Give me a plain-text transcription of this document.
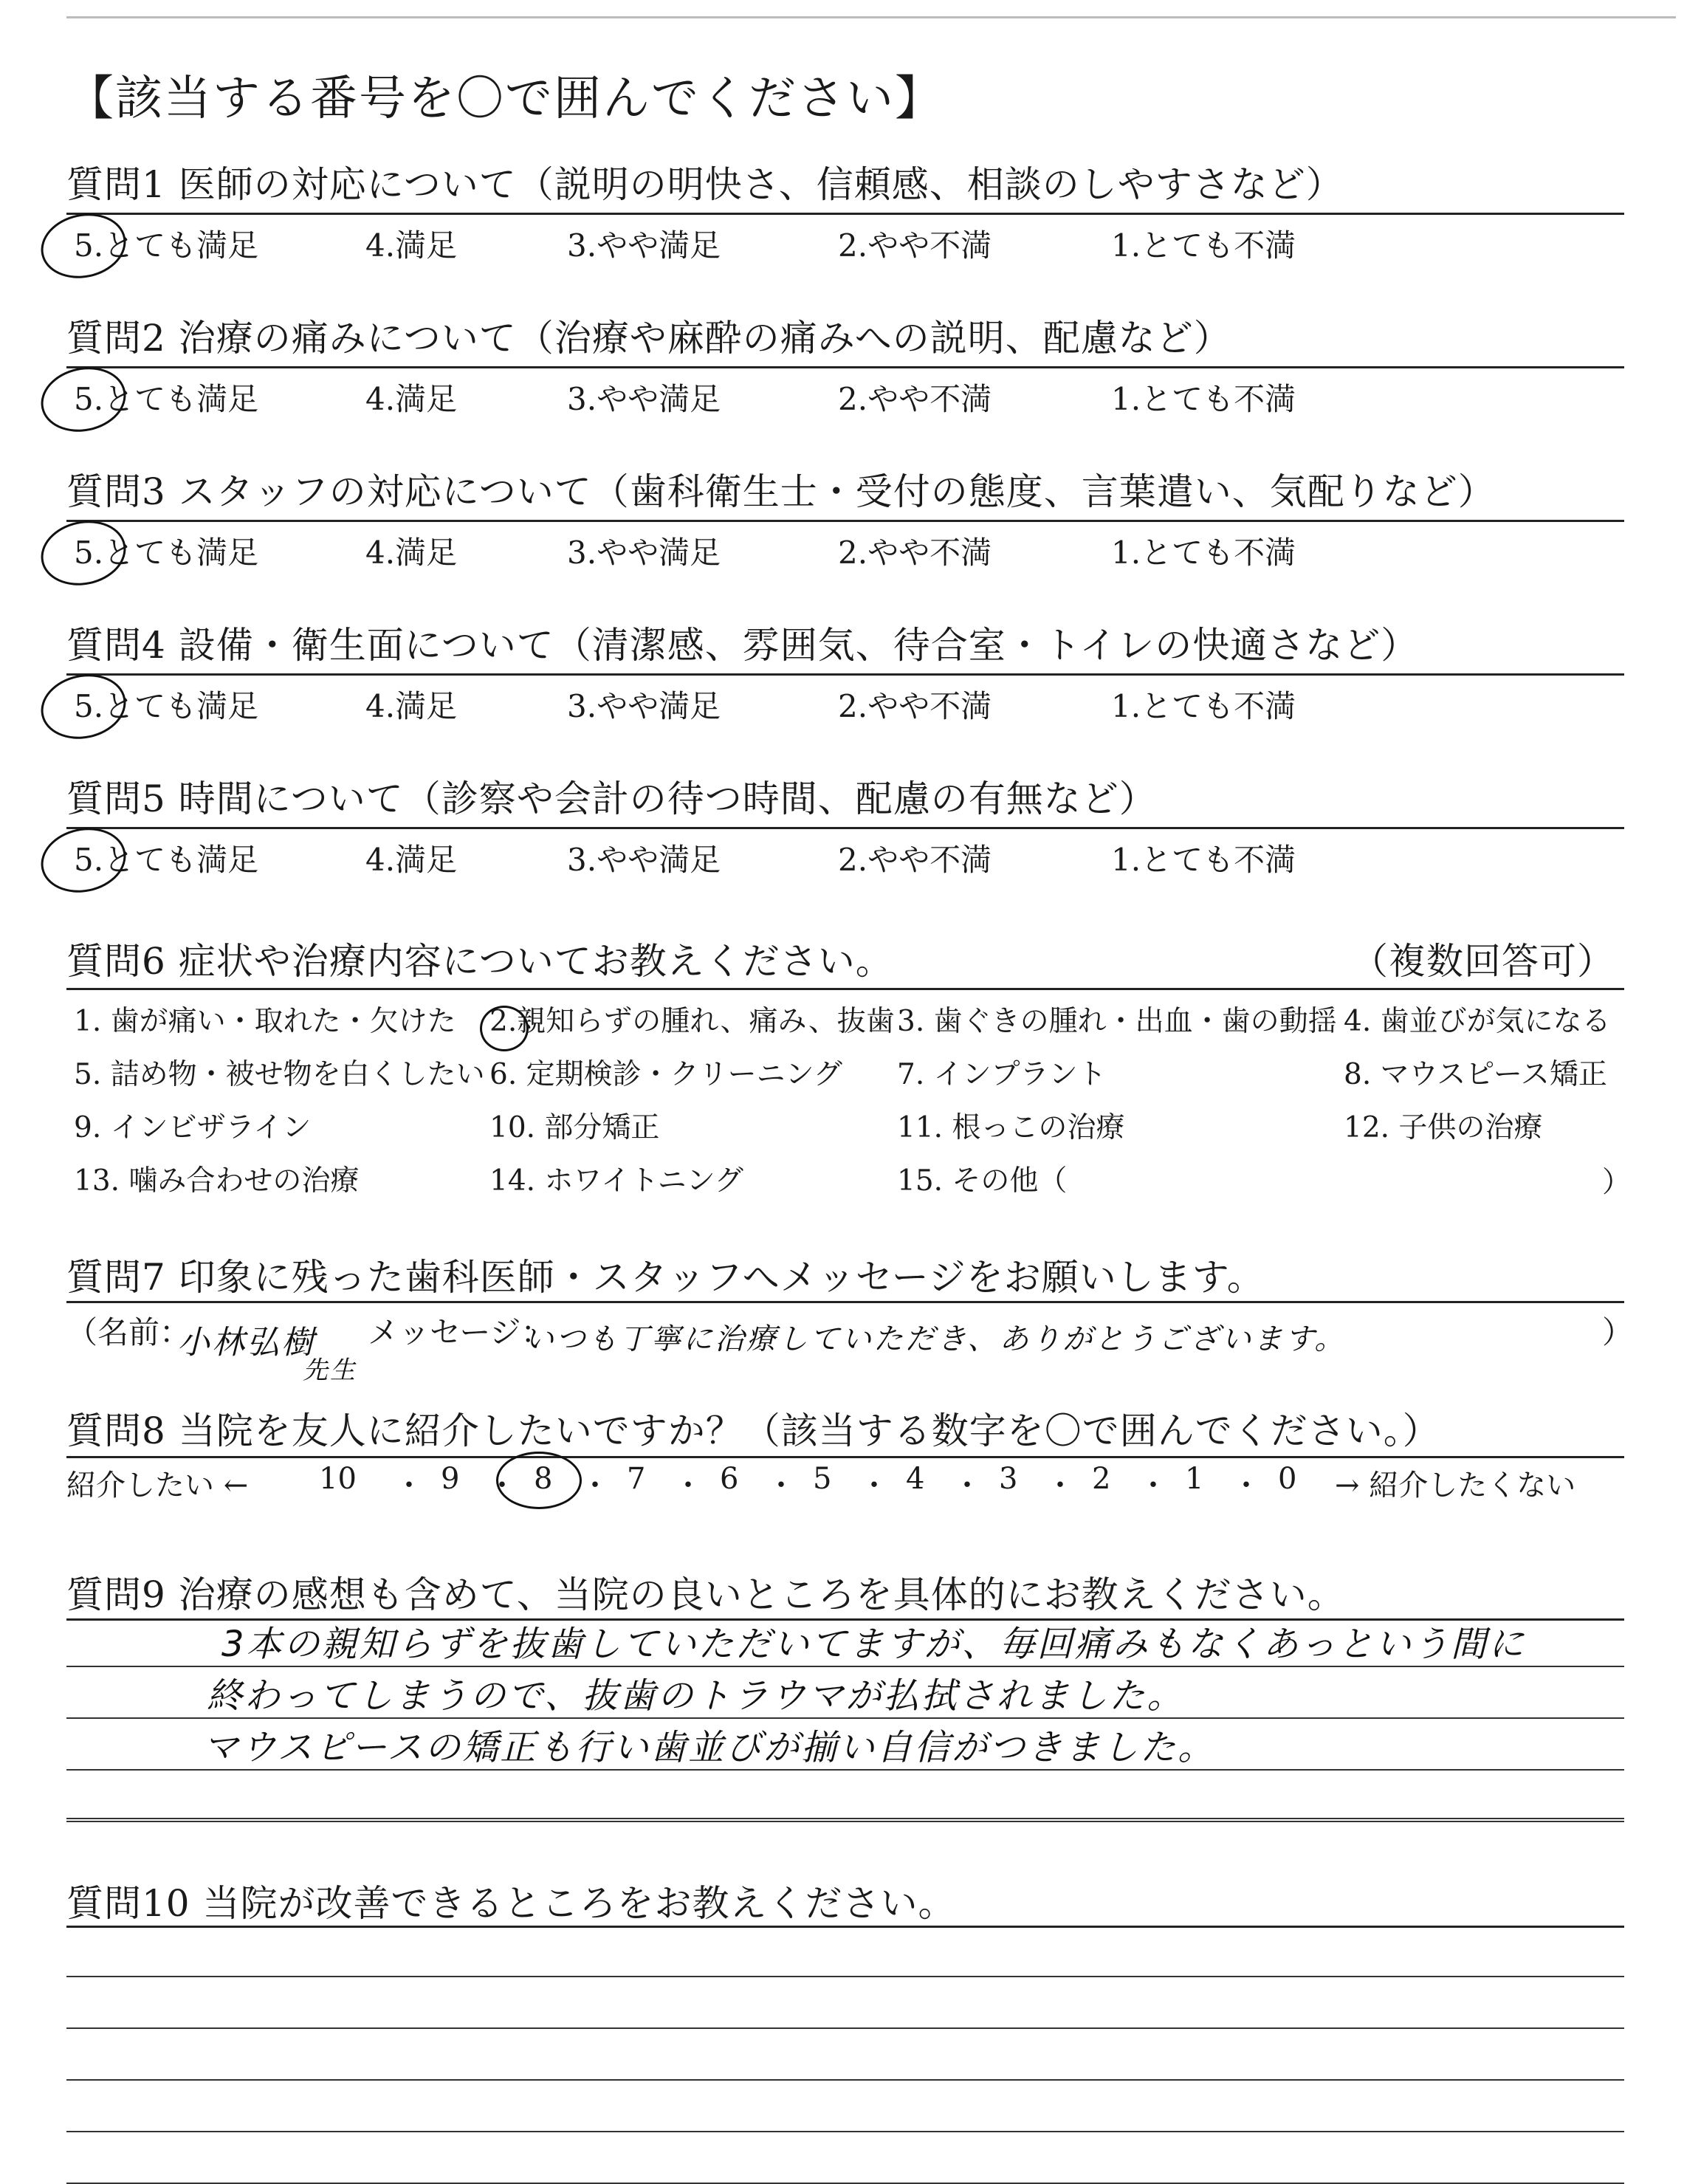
【該当する番号を〇で囲んでください】
質問1 医師の対応について（説明の明快さ、信頼感、相談のしやすさなど）
5.とても満足	4.満足	3.やや満足	2.やや不満	1.とても不満
質問2 治療の痛みについて（治療や麻酔の痛みへの説明、配慮など）
5.とても満足	4.満足	3.やや満足	2.やや不満	1.とても不満
質問3 スタッフの対応について（歯科衛生士・受付の態度、言葉遣い、気配りなど）
5.とても満足	4.満足	3.やや満足	2.やや不満	1.とても不満
質問4 設備・衛生面について（清潔感、雰囲気、待合室・トイレの快適さなど）
5.とても満足	4.満足	3.やや満足	2.やや不満	1.とても不満
質問5 時間について（診察や会計の待つ時間、配慮の有無など）
5.とても満足	4.満足	3.やや満足	2.やや不満	1.とても不満
質問6 症状や治療内容についてお教えください。	（複数回答可）
1. 歯が痛い・取れた・欠けた 2.親知らずの腫れ、痛み、抜歯 3. 歯ぐきの腫れ・出血・歯の動揺 4. 歯並びが気になる
5. 詰め物・被せ物を白くしたい 6. 定期検診・クリーニング 7. インプラント	8. マウスピース矯正
9. インビザライン	10. 部分矯正	11. 根っこの治療	12. 子供の治療
13. 噛み合わせの治療	14. ホワイトニング	15. その他（	）
質問7 印象に残った歯科医師・スタッフへメッセージをお願いします。
（名前：
小林弘樹
先生
メッセージ：
いつも丁寧に治療していただき、ありがとうございます。	）
質問8 当院を友人に紹介したいですか？（該当する数字を〇で囲んでください。）
紹介したい ← 10 ・ 9 ・ 8 ・ 7 ・ 6 ・ 5 ・ 4 ・ 3 ・ 2 ・ 1 ・ 0 → 紹介したくない
質問9 治療の感想も含めて、当院の良いところを具体的にお教えください。
3本の親知らずを抜歯していただいてますが、毎回痛みもなくあっという間に
終わってしまうので、抜歯のトラウマが払拭されました。
マウスピースの矯正も行い歯並びが揃い自信がつきました。
質問10 当院が改善できるところをお教えください。
